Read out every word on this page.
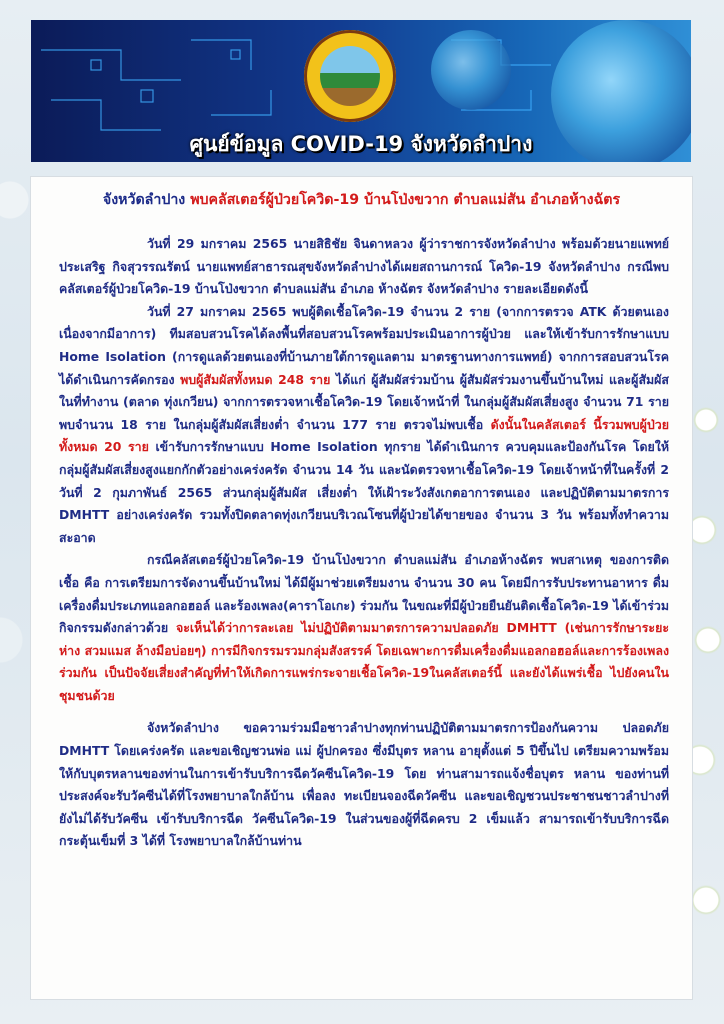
ศูนย์ข้อมูล COVID-19 จังหวัดลำปาง
จังหวัดลำปาง พบคลัสเตอร์ผู้ป่วยโควิด-19 บ้านโป่งขวาก ตำบลแม่สัน อำเภอห้างฉัตร

วันที่ 29 มกราคม 2565 นายสิธิชัย จินดาหลวง ผู้ว่าราชการจังหวัดลำปาง พร้อมด้วยนายแพทย์ประเสริฐ กิจสุวรรณรัตน์ นายแพทย์สาธารณสุขจังหวัดลำปางได้เผยสถานการณ์ โควิด-19 จังหวัดลำปาง กรณีพบคลัสเตอร์ผู้ป่วยโควิด-19 บ้านโป่งขวาก ตำบลแม่สัน อำเภอ ห้างฉัตร จังหวัดลำปาง รายละเอียดดังนี้

วันที่ 27 มกราคม 2565 พบผู้ติดเชื้อโควิด-19 จำนวน 2 ราย (จากการตรวจ ATK ด้วยตนเองเนื่องจากมีอาการ) ทีมสอบสวนโรคได้ลงพื้นที่สอบสวนโรคพร้อมประเมินอาการผู้ป่วย และให้เข้ารับการรักษาแบบ Home Isolation (การดูแลด้วยตนเองที่บ้านภายใต้การดูแลตาม มาตรฐานทางการแพทย์) จากการสอบสวนโรคได้ดำเนินการคัดกรอง พบผู้สัมผัสทั้งหมด 248 ราย ได้แก่ ผู้สัมผัสร่วมบ้าน ผู้สัมผัสร่วมงานขึ้นบ้านใหม่ และผู้สัมผัสในที่ทำงาน (ตลาด ทุ่งเกวียน) จากการตรวจหาเชื้อโควิด-19 โดยเจ้าหน้าที่ ในกลุ่มผู้สัมผัสเสี่ยงสูง จำนวน 71 ราย พบจำนวน 18 ราย ในกลุ่มผู้สัมผัสเสี่ยงต่ำ จำนวน 177 ราย ตรวจไม่พบเชื้อ ดังนั้นในคลัสเตอร์ นี้รวมพบผู้ป่วยทั้งหมด 20 ราย เข้ารับการรักษาแบบ Home Isolation ทุกราย ได้ดำเนินการ ควบคุมและป้องกันโรค โดยให้กลุ่มผู้สัมผัสเสี่ยงสูงแยกกักตัวอย่างเคร่งครัด จำนวน 14 วัน และนัดตรวจหาเชื้อโควิด-19 โดยเจ้าหน้าที่ในครั้งที่ 2 วันที่ 2 กุมภาพันธ์ 2565 ส่วนกลุ่มผู้สัมผัส เสี่ยงต่ำ ให้เฝ้าระวังสังเกตอาการตนเอง และปฏิบัติตามมาตรการ DMHTT อย่างเคร่งครัด รวมทั้งปิดตลาดทุ่งเกวียนบริเวณโซนที่ผู้ป่วยได้ขายของ จำนวน 3 วัน พร้อมทั้งทำความสะอาด

กรณีคลัสเตอร์ผู้ป่วยโควิด-19 บ้านโป่งขวาก ตำบลแม่สัน อำเภอห้างฉัตร พบสาเหตุ ของการติดเชื้อ คือ การเตรียมการจัดงานขึ้นบ้านใหม่ ได้มีผู้มาช่วยเตรียมงาน จำนวน 30 คน โดยมีการรับประทานอาหาร ดื่มเครื่องดื่มประเภทแอลกอฮอล์ และร้องเพลง(คาราโอเกะ) ร่วมกัน ในขณะที่มีผู้ป่วยยืนยันติดเชื้อโควิด-19 ได้เข้าร่วมกิจกรรมดังกล่าวด้วย จะเห็นได้ว่าการละเลย ไม่ปฏิบัติตามมาตรการความปลอดภัย DMHTT (เช่นการรักษาระยะห่าง สวมแมส ล้างมือบ่อยๆ) การมีกิจกรรมรวมกลุ่มสังสรรค์ โดยเฉพาะการดื่มเครื่องดื่มแอลกอฮอล์และการร้องเพลงร่วมกัน เป็นปัจจัยเสี่ยงสำคัญที่ทำให้เกิดการแพร่กระจายเชื้อโควิด-19ในคลัสเตอร์นี้ และยังได้แพร่เชื้อ ไปยังคนในชุมชนด้วย

จังหวัดลำปาง ขอความร่วมมือชาวลำปางทุกท่านปฏิบัติตามมาตรการป้องกันความ ปลอดภัย DMHTT โดยเคร่งครัด และขอเชิญชวนพ่อ แม่ ผู้ปกครอง ซึ่งมีบุตร หลาน อายุตั้งแต่ 5 ปีขึ้นไป เตรียมความพร้อมให้กับบุตรหลานของท่านในการเข้ารับบริการฉีดวัคซีนโควิด-19 โดย ท่านสามารถแจ้งชื่อบุตร หลาน ของท่านที่ประสงค์จะรับวัคซีนได้ที่โรงพยาบาลใกล้บ้าน เพื่อลง ทะเบียนจองฉีดวัคซีน และขอเชิญชวนประชาชนชาวลำปางที่ยังไม่ได้รับวัคซีน เข้ารับบริการฉีด วัคซีนโควิด-19 ในส่วนของผู้ที่ฉีดครบ 2 เข็มแล้ว สามารถเข้ารับบริการฉีดกระตุ้นเข็มที่ 3 ได้ที่ โรงพยาบาลใกล้บ้านท่าน
